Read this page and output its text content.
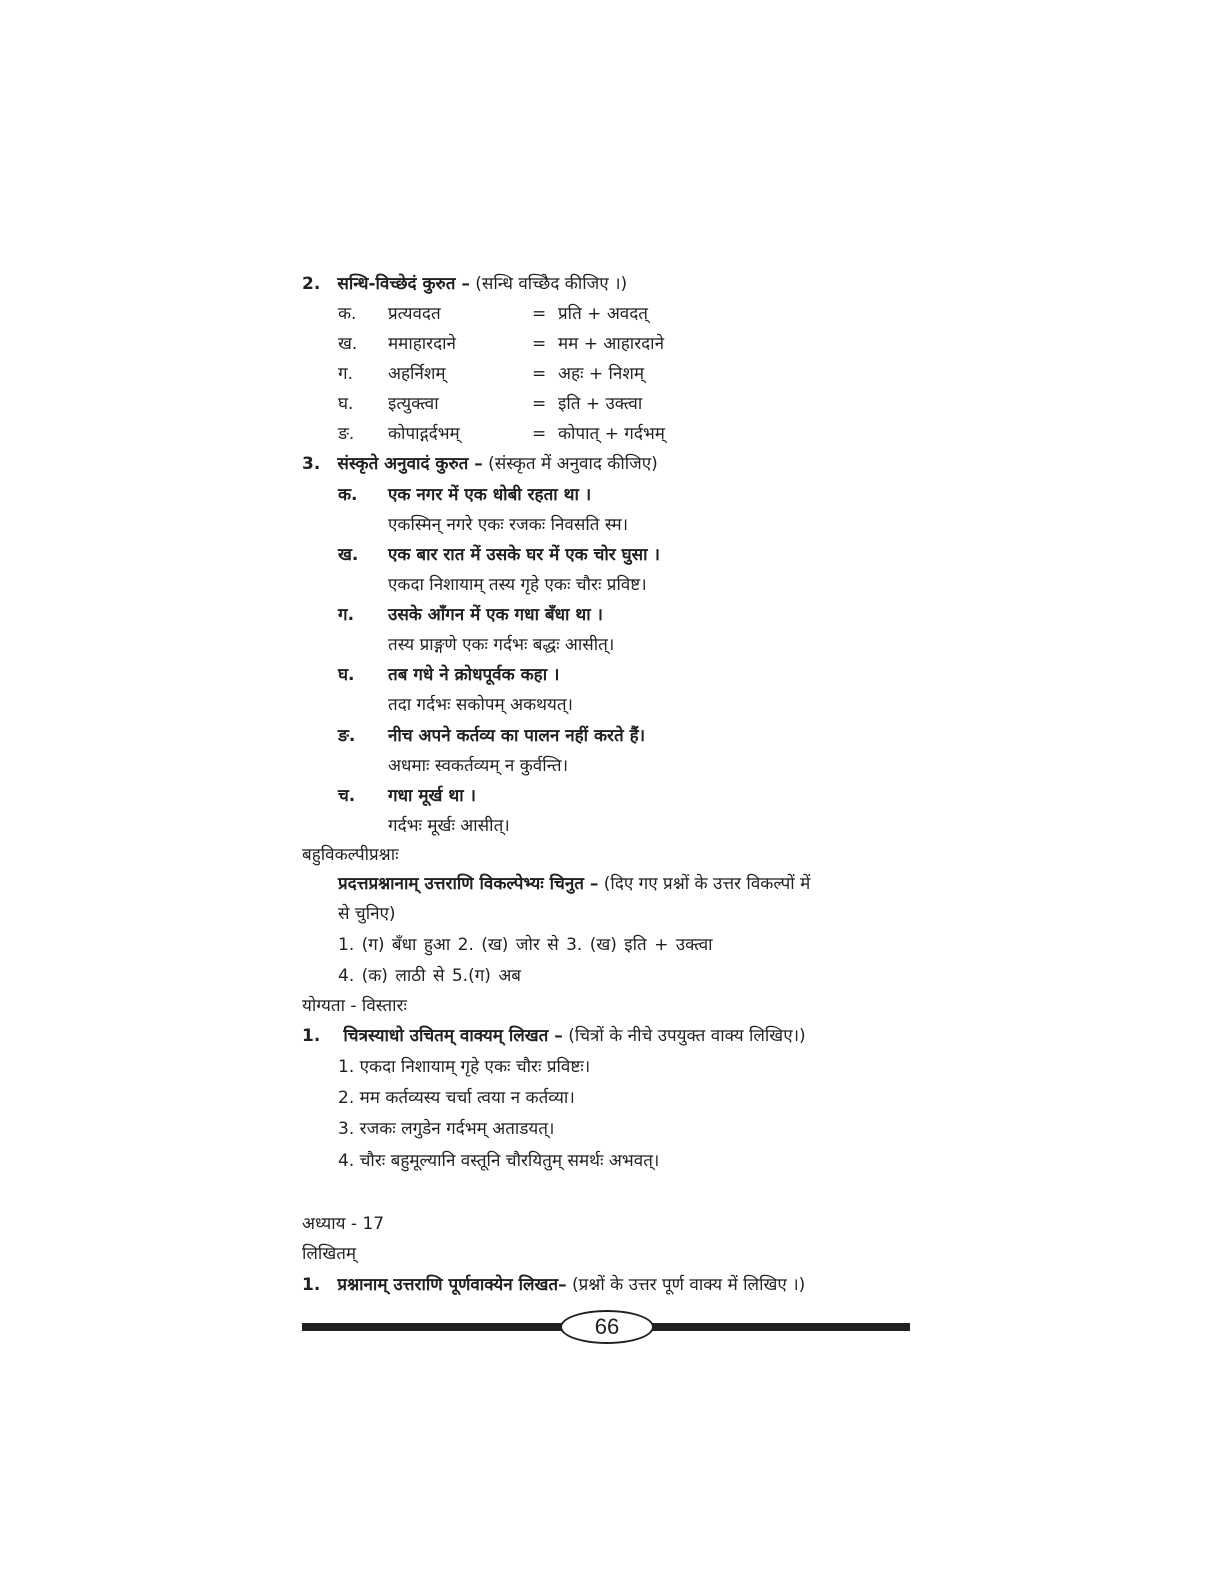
2. सन्धि-विच्छेदं कुरुत – (सन्धि वच्छिेद कीजिए ।)
क. प्रत्यवदत	= प्रति + अवदत्
ख. ममाहारदाने	= मम + आहारदाने
ग. अहर्निशम्	= अहः + निशम्
घ. इत्युक्त्वा	= इति + उक्त्वा
ङ. कोपाद्गर्दभम्	= कोपात् + गर्दभम्
3. संस्कृते अनुवादं कुरुत – (संस्कृत में अनुवाद कीजिए)
क. एक नगर में एक धोबी रहता था ।
एकस्मिन् नगरे एकः रजकः निवसति स्म।
ख. एक बार रात में उसके घर में एक चोर घुसा ।
एकदा निशायाम् तस्य गृहे एकः चौरः प्रविष्ट।
ग. उसके आँगन में एक गधा बँधा था ।
तस्य प्राङ्गणे एकः गर्दभः बद्धः आसीत्।
घ. तब गधे ने क्रोधपूर्वक कहा ।
तदा गर्दभः सकोपम् अकथयत्।
ङ. नीच अपने कर्तव्य का पालन नहीं करते हैं।
अधमाः स्वकर्तव्यम् न कुर्वन्ति।
च. गधा मूर्ख था ।
गर्दभः मूर्खः आसीत्।
बहुविकल्पीप्रश्नाः
प्रदत्तप्रश्नानाम् उत्तराणि विकल्पेभ्यः चिनुत – (दिए गए प्रश्नों के उत्तर विकल्पों में
से चुनिए)
1. (ग) बँधा हुआ 2. (ख) जोर से 3. (ख) इति + उक्त्वा
4. (क) लाठी से 5.(ग) अब
योग्यता - विस्तारः
1. चित्रस्याधो उचितम् वाक्यम् लिखत – (चित्रों के नीचे उपयुक्त वाक्य लिखिए।)
1. एकदा निशायाम् गृहे एकः चौरः प्रविष्टः।
2. मम कर्तव्यस्य चर्चा त्वया न कर्तव्या।
3. रजकः लगुडेन गर्दभम् अताडयत्।
4. चौरः बहुमूल्यानि वस्तूनि चौरयितुम् समर्थः अभवत्।
अध्याय - 17
लिखितम्
1. प्रश्नानाम् उत्तराणि पूर्णवाक्येन लिखत– (प्रश्नों के उत्तर पूर्ण वाक्य में लिखिए ।)
66
